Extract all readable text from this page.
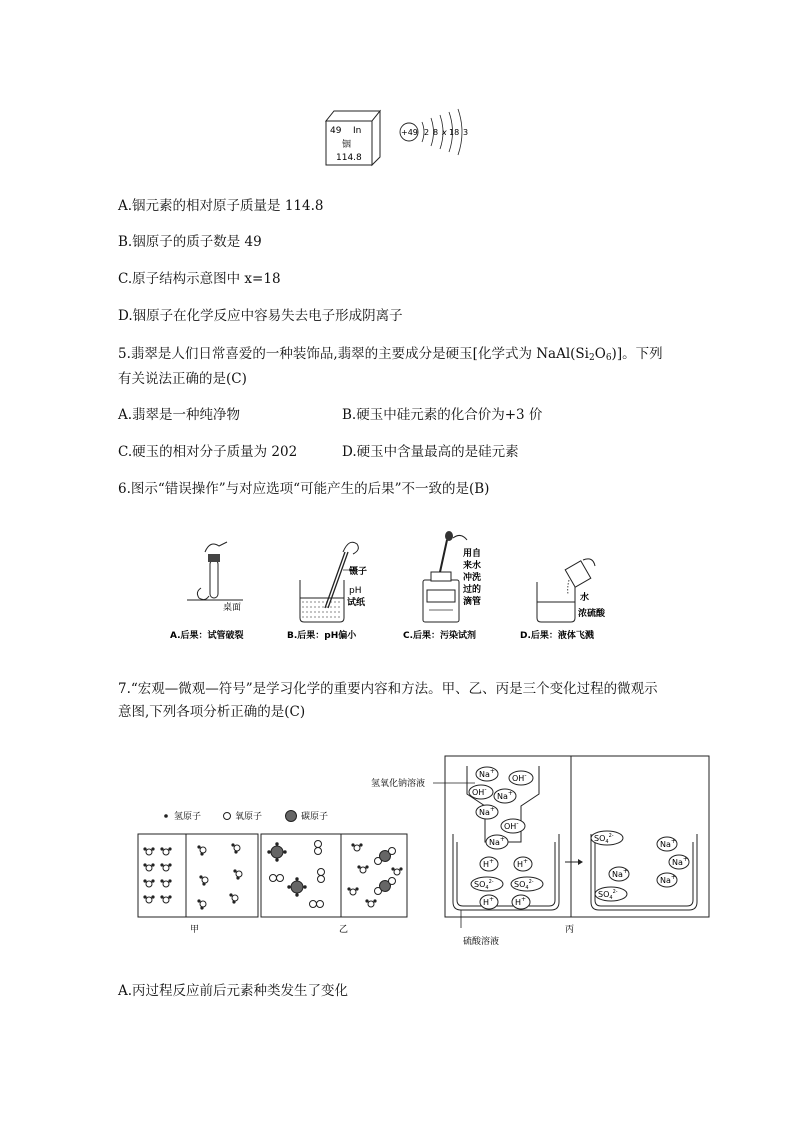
49 In
铟
114.8
+49 2 8 x 18 3
A.铟元素的相对原子质量是 114.8
B.铟原子的质子数是 49
C.原子结构示意图中 x=18
D.铟原子在化学反应中容易失去电子形成阴离子
5.翡翠是人们日常喜爱的一种装饰品,翡翠的主要成分是硬玉[化学式为 $NaAl(Si_2O_6)$]。下列
有关说法正确的是(C)
A.翡翠是一种纯净物	B.硬玉中硅元素的化合价为+3 价
C.硬玉的相对分子质量为 202	D.硬玉中含量最高的是硅元素
6.图示“错误操作”与对应选项“可能产生的后果”不一致的是(B)
桌面
A.后果：试管破裂
镊子
pH
试纸
B.后果：pH偏小
用自
来水
冲洗
过的
滴管
C.后果：污染试剂
水
浓硫酸
D.后果：液体飞溅
7.“宏观—微观—符号”是学习化学的重要内容和方法。甲、乙、丙是三个变化过程的微观示
意图,下列各项分析正确的是(C)
氢原子	氧原子	碳原子
甲	乙
Na+
OH-
OH-
Na+
Na+
OH-
Na+
H+	H+
$SO_4^{2-}$	$SO_4^{2-}$
H+	H+
$SO_4^{2-}$
Na+
Na+
Na+
Na+
$SO_4^{2-}$
氢氧化钠溶液
硫酸溶液
丙
A.丙过程反应前后元素种类发生了变化
